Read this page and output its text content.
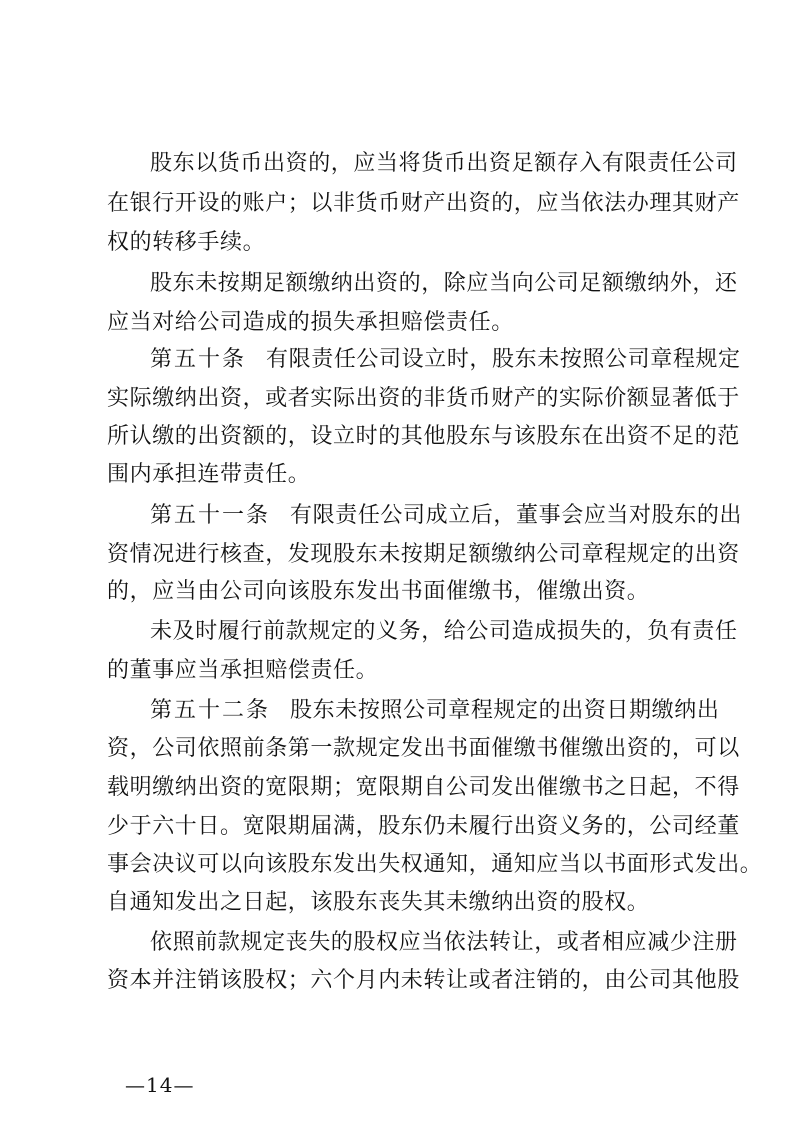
股东以货币出资的，应当将货币出资足额存入有限责任公司
在银行开设的账户；以非货币财产出资的，应当依法办理其财产
权的转移手续。
股东未按期足额缴纳出资的，除应当向公司足额缴纳外，还
应当对给公司造成的损失承担赔偿责任。
第五十条 有限责任公司设立时，股东未按照公司章程规定
实际缴纳出资，或者实际出资的非货币财产的实际价额显著低于
所认缴的出资额的，设立时的其他股东与该股东在出资不足的范
围内承担连带责任。
第五十一条 有限责任公司成立后，董事会应当对股东的出
资情况进行核查，发现股东未按期足额缴纳公司章程规定的出资
的，应当由公司向该股东发出书面催缴书，催缴出资。
未及时履行前款规定的义务，给公司造成损失的，负有责任
的董事应当承担赔偿责任。
第五十二条 股东未按照公司章程规定的出资日期缴纳出
资，公司依照前条第一款规定发出书面催缴书催缴出资的，可以
载明缴纳出资的宽限期；宽限期自公司发出催缴书之日起，不得
少于六十日。宽限期届满，股东仍未履行出资义务的，公司经董
事会决议可以向该股东发出失权通知，通知应当以书面形式发出。
自通知发出之日起，该股东丧失其未缴纳出资的股权。
依照前款规定丧失的股权应当依法转让，或者相应减少注册
资本并注销该股权；六个月内未转让或者注销的，由公司其他股
—14—
